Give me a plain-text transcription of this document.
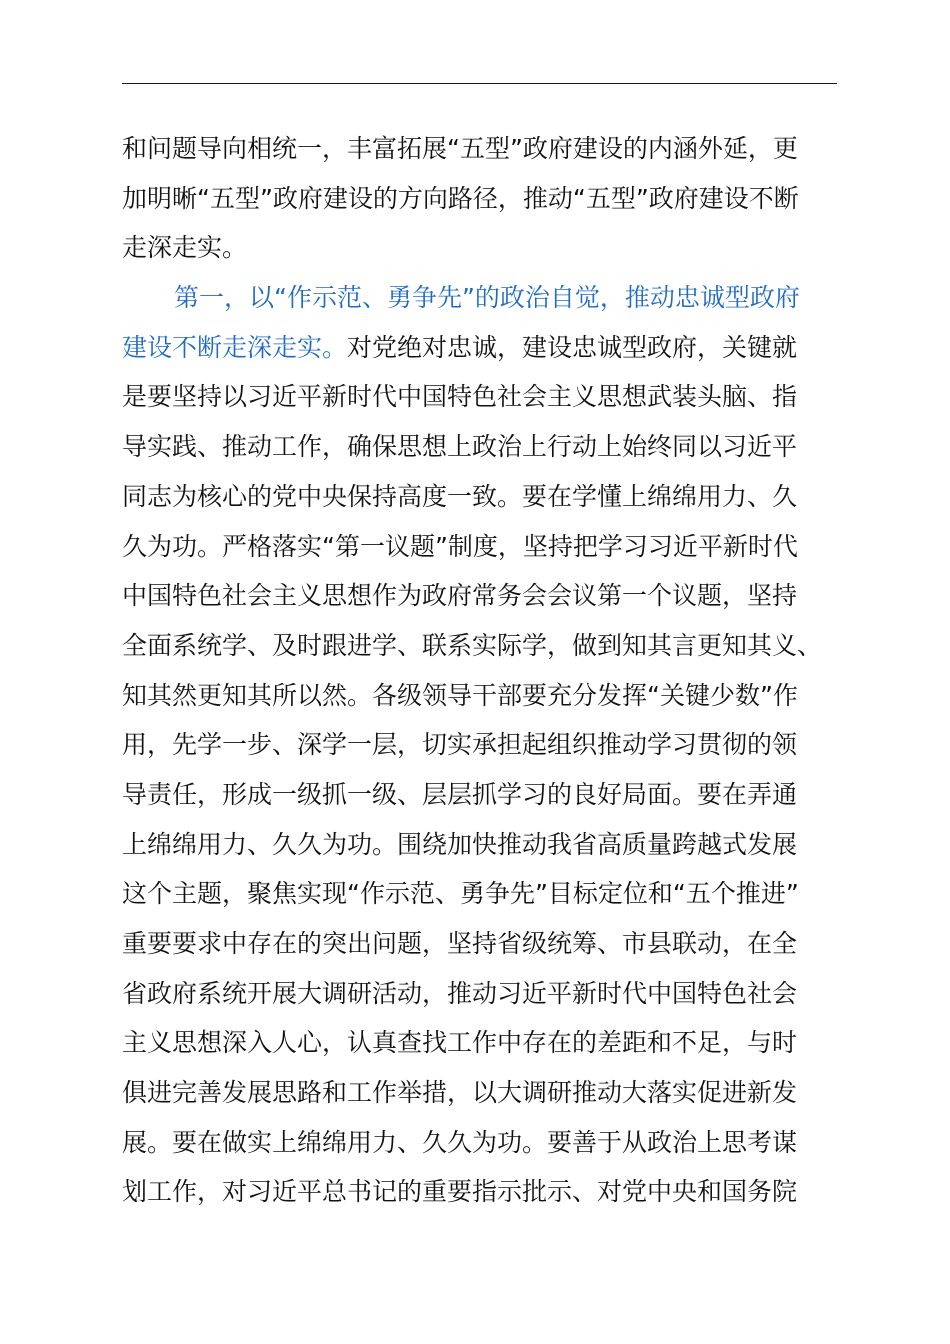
和问题导向相统一，丰富拓展“五型”政府建设的内涵外延，更
加明晰“五型”政府建设的方向路径，推动“五型”政府建设不断
走深走实。
第一，以“作示范、勇争先”的政治自觉，推动忠诚型政府
建设不断走深走实。对党绝对忠诚，建设忠诚型政府，关键就
是要坚持以习近平新时代中国特色社会主义思想武装头脑、指
导实践、推动工作，确保思想上政治上行动上始终同以习近平
同志为核心的党中央保持高度一致。要在学懂上绵绵用力、久
久为功。严格落实“第一议题”制度，坚持把学习习近平新时代
中国特色社会主义思想作为政府常务会会议第一个议题，坚持
全面系统学、及时跟进学、联系实际学，做到知其言更知其义、
知其然更知其所以然。各级领导干部要充分发挥“关键少数”作
用，先学一步、深学一层，切实承担起组织推动学习贯彻的领
导责任，形成一级抓一级、层层抓学习的良好局面。要在弄通
上绵绵用力、久久为功。围绕加快推动我省高质量跨越式发展
这个主题，聚焦实现“作示范、勇争先”目标定位和“五个推进”
重要要求中存在的突出问题，坚持省级统筹、市县联动，在全
省政府系统开展大调研活动，推动习近平新时代中国特色社会
主义思想深入人心，认真查找工作中存在的差距和不足，与时
俱进完善发展思路和工作举措，以大调研推动大落实促进新发
展。要在做实上绵绵用力、久久为功。要善于从政治上思考谋
划工作，对习近平总书记的重要指示批示、对党中央和国务院
